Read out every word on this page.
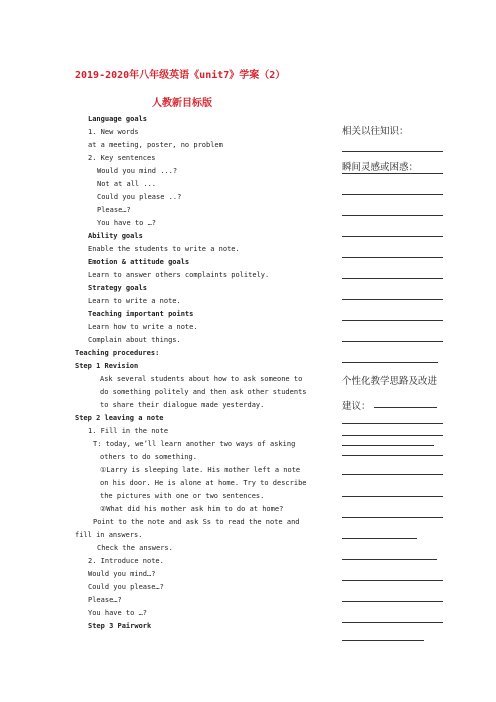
2019-2020年八年级英语《unit7》学案（2）
人教新目标版
Language goals
1. New words
at a meeting, poster, no problem
2. Key sentences
Would you mind ...?
Not at all ...
Could you please ..?
Please…?
You have to …?
Ability goals
Enable the students to write a note.
Emotion & attitude goals
Learn to answer others complaints politely.
Strategy goals
Learn to write a note.
Teaching important points
Learn how to write a note.
Complain about things.
Teaching procedures:
Step 1 Revision
Ask several students about how to ask someone to
do something politely and then ask other students
to share their dialogue made yesterday.
Step 2 leaving a note
1. Fill in the note
T: today, we’ll learn another two ways of asking
others to do something.
①Larry is sleeping late. His mother left a note
on his door. He is alone at home. Try to describe
the pictures with one or two sentences.
②What did his mother ask him to do at home?
Point to the note and ask Ss to read the note and
fill in answers.
Check the answers.
2. Introduce note.
Would you mind…?
Could you please…?
Please…?
You have to …?
Step 3 Pairwork
相关以往知识：
瞬间灵感或困惑：
个性化教学思路及改进
建议：
